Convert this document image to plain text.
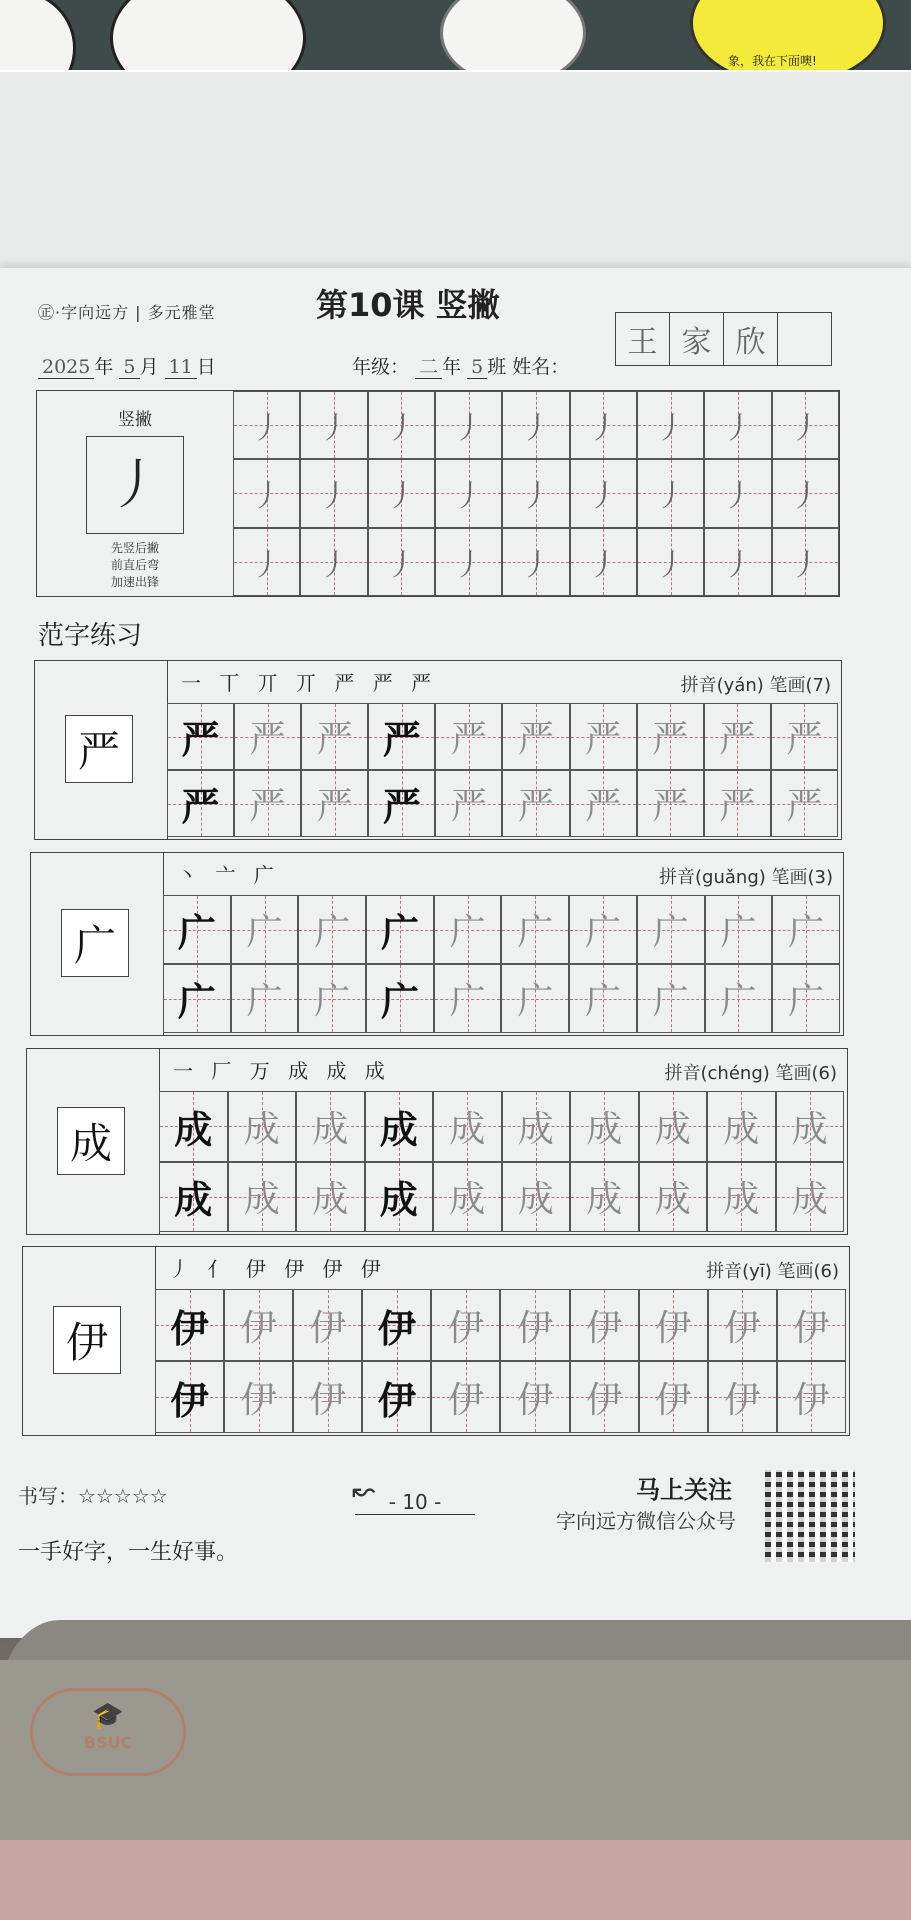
象，我在下面噢!
㊣·字向远方 | 多元雅堂	第10课 竖撇
2025 年 5 月 11 日	年级： 二 年 5 班 姓名：
王 家 欣
竖撇
丿
先竖后撇
前直后弯
加速出锋
丿 丿 丿 丿 丿 丿 丿 丿 丿
丿 丿 丿 丿 丿 丿 丿 丿 丿
丿 丿 丿 丿 丿 丿 丿 丿 丿
范字练习
严
一 丅 丌 丌 严 严 严	拼音(yán) 笔画(7)
严 严 严 严 严 严 严 严 严 严
严 严 严 严 严 严 严 严 严 严
广
丶 亠 广	拼音(guǎng) 笔画(3)
广 广 广 广 广 广 广 广 广 广
广 广 广 广 广 广 广 广 广 广
成
一 厂 万 成 成 成	拼音(chéng) 笔画(6)
成 成 成 成 成 成 成 成 成 成
成 成 成 成 成 成 成 成 成 成
伊
丿 亻 伊 伊 伊 伊	拼音(yī) 笔画(6)
伊 伊 伊 伊 伊 伊 伊 伊 伊 伊
伊 伊 伊 伊 伊 伊 伊 伊 伊 伊
书写：☆☆☆☆☆
一手好字，一生好事。
↜ - 10 -	马上关注
字向远方微信公众号
🎓
BSUC
